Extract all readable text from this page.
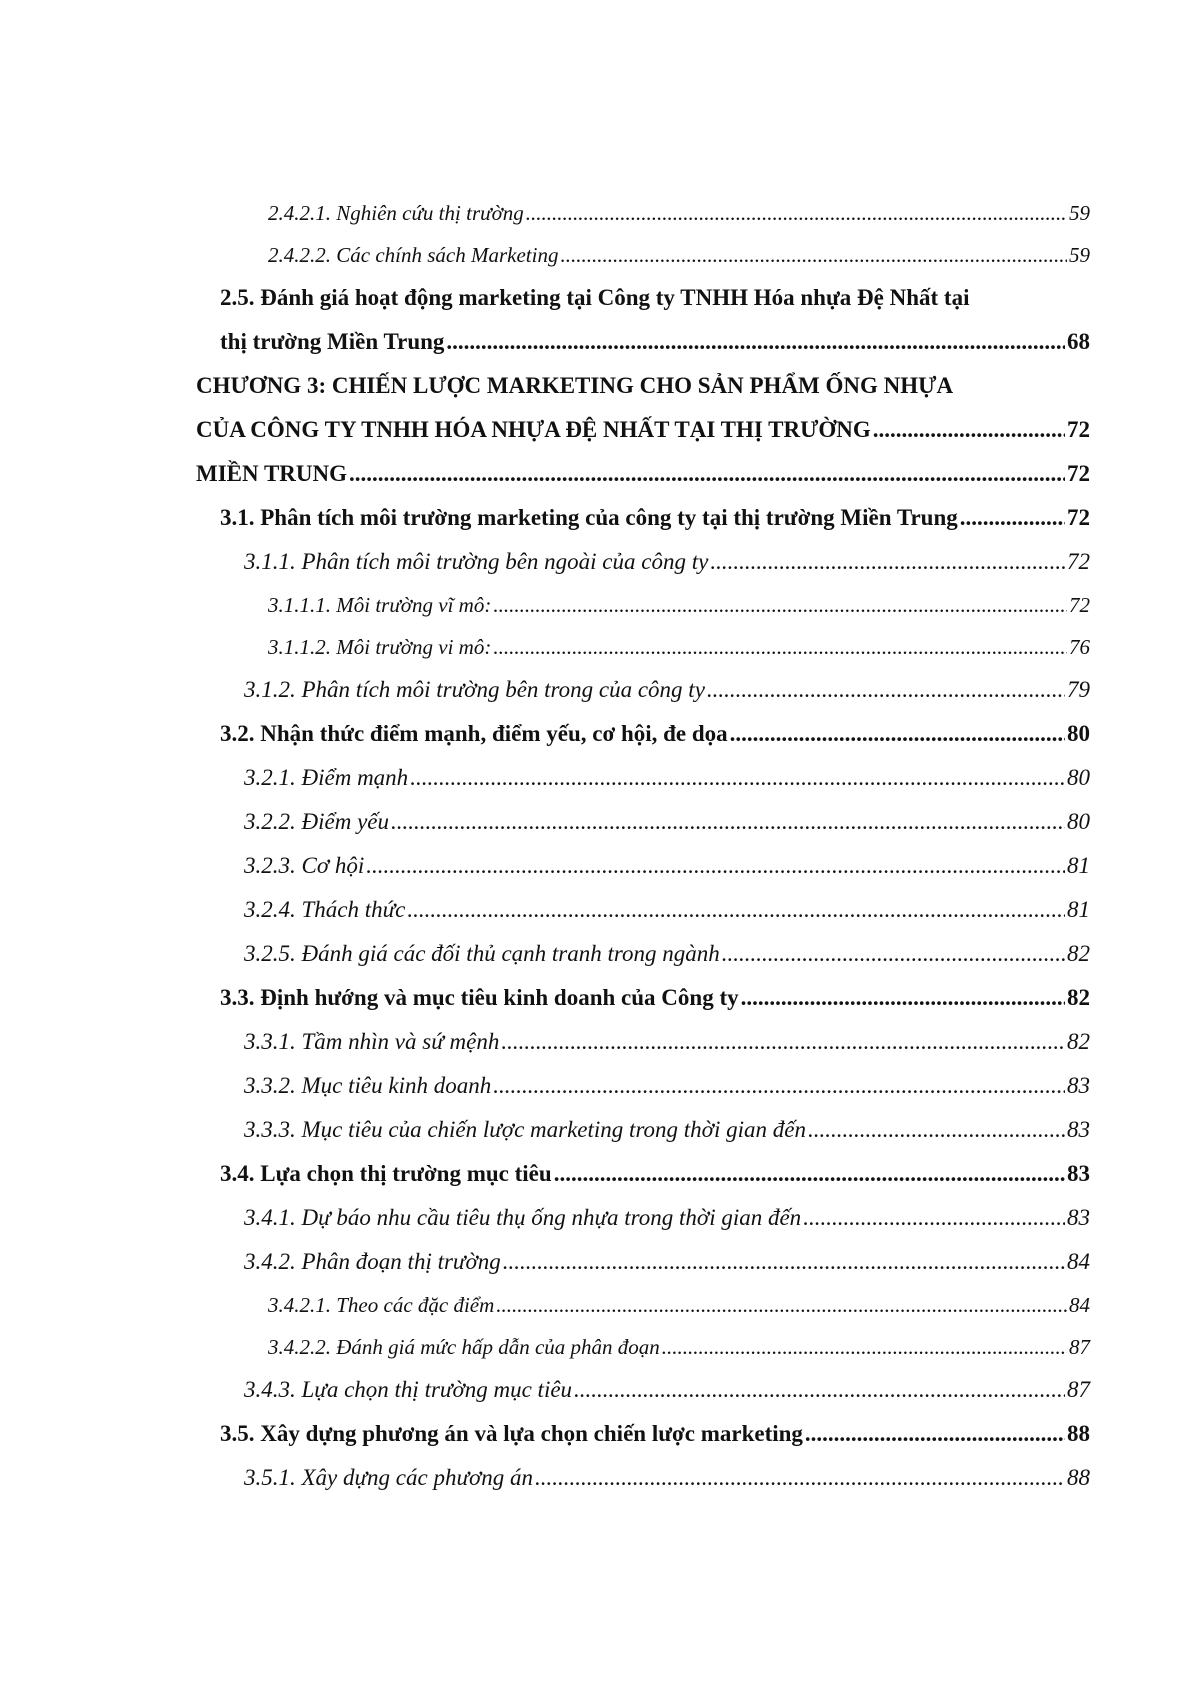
2.4.2.1. Nghiên cứu thị trường .....	59
2.4.2.2. Các chính sách Marketing .....	59
2.5. Đánh giá hoạt động marketing tại Công ty TNHH Hóa nhựa Đệ Nhất tại
thị trường Miền Trung .....	68
CHƯƠNG 3: CHIẾN LƯỢC MARKETING CHO SẢN PHẨM ỐNG NHỰA
CỦA CÔNG TY TNHH HÓA NHỰA ĐỆ NHẤT TẠI THỊ TRƯỜNG .....	72
MIỀN TRUNG .....	72
3.1. Phân tích môi trường marketing của công ty tại thị trường Miền Trung .....	72
3.1.1. Phân tích môi trường bên ngoài của công ty .....	72
3.1.1.1. Môi trường vĩ mô: .....	72
3.1.1.2. Môi trường vi mô: .....	76
3.1.2. Phân tích môi trường bên trong của công ty .....	79
3.2. Nhận thức điểm mạnh, điểm yếu, cơ hội, đe dọa .....	80
3.2.1. Điểm mạnh .....	80
3.2.2. Điểm yếu .....	80
3.2.3. Cơ hội .....	81
3.2.4. Thách thức .....	81
3.2.5. Đánh giá các đối thủ cạnh tranh trong ngành .....	82
3.3. Định hướng và mục tiêu kinh doanh của Công ty .....	82
3.3.1. Tầm nhìn và sứ mệnh .....	82
3.3.2. Mục tiêu kinh doanh .....	83
3.3.3. Mục tiêu của chiến lược marketing trong thời gian đến .....	83
3.4. Lựa chọn thị trường mục tiêu .....	83
3.4.1. Dự báo nhu cầu tiêu thụ ống nhựa trong thời gian đến .....	83
3.4.2. Phân đoạn thị trường .....	84
3.4.2.1. Theo các đặc điểm .....	84
3.4.2.2. Đánh giá mức hấp dẫn của phân đoạn .....	87
3.4.3. Lựa chọn thị trường mục tiêu .....	87
3.5. Xây dựng phương án và lựa chọn chiến lược marketing .....	88
3.5.1. Xây dựng các phương án .....	88
